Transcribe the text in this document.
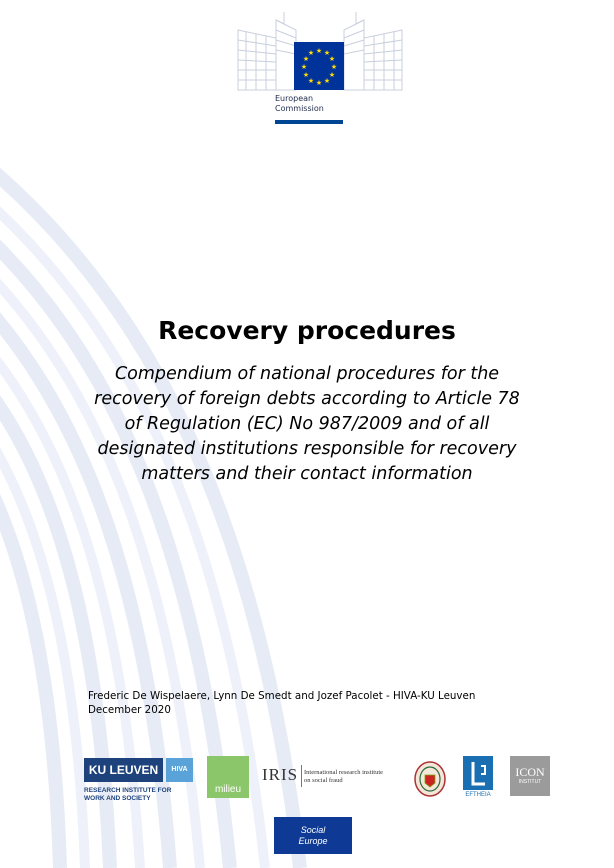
★ ★
★
★
★
★
★
★
★
★
★
★
European
Commission
Recovery procedures
Compendium of national procedures for the
recovery of foreign debts according to Article 78
of Regulation (EC) No 987/2009 and of all
designated institutions responsible for recovery
matters and their contact information
Frederic De Wispelaere, Lynn De Smedt and Jozef Pacolet - HIVA-KU Leuven
December 2020
KU LEUVEN	HIVA
RESEARCH INSTITUTE FOR
WORK AND SOCIETY
milieu
IRIS International research institute
on social fraud
EFTHEIA
ICON
INSTITUT
Social
Europe
